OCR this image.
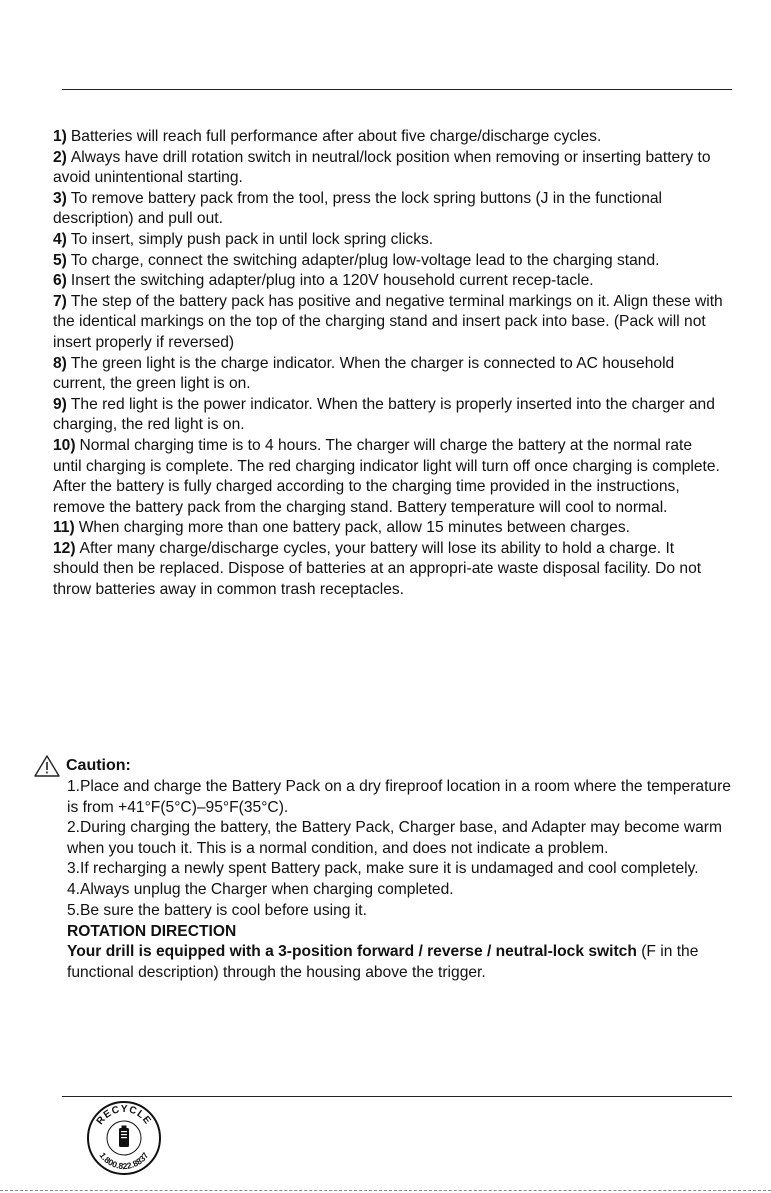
1) Batteries will reach full performance after about five charge/discharge cycles.

2) Always have drill rotation switch in neutral/lock position when removing or inserting battery to avoid unintentional starting.

3) To remove battery pack from the tool, press the lock spring buttons (J in the functional description) and pull out.

4) To insert, simply push pack in until lock spring clicks.

5) To charge, connect the switching adapter/plug low-voltage lead to the charging stand.

6) Insert the switching adapter/plug into a 120V household current recep-tacle.

7) The step of the battery pack has positive and negative terminal markings on it. Align these with the identical markings on the top of the charging stand and insert pack into base. (Pack will not insert properly if reversed)

8) The green light is the charge indicator. When the charger is connected to AC household current, the green light is on.

9) The red light is the power indicator. When the battery is properly inserted into the charger and charging, the red light is on.

10) Normal charging time is to 4 hours. The charger will charge the battery at the normal rate until charging is complete. The red charging indicator light will turn off once charging is complete. After the battery is fully charged according to the charging time provided in the instructions, remove the battery pack from the charging stand. Battery temperature will cool to normal.

11) When charging more than one battery pack, allow 15 minutes between charges.

12) After many charge/discharge cycles, your battery will lose its ability to hold a charge. It should then be replaced. Dispose of batteries at an appropri-ate waste disposal facility. Do not throw batteries away in common trash receptacles.

Caution:

1.Place and charge the Battery Pack on a dry fireproof location in a room where the temperature is from +41°F(5°C)–95°F(35°C).

2.During charging the battery, the Battery Pack, Charger base, and Adapter may become warm when you touch it. This is a normal condition, and does not indicate a problem.

3.If recharging a newly spent Battery pack, make sure it is undamaged and cool completely.

4.Always unplug the Charger when charging completed.

5.Be sure the battery is cool before using it.

ROTATION DIRECTION

Your drill is equipped with a 3-position forward / reverse / neutral-lock switch (F in the functional description) through the housing above the trigger.

RECYCLE
1.800.822.8837
